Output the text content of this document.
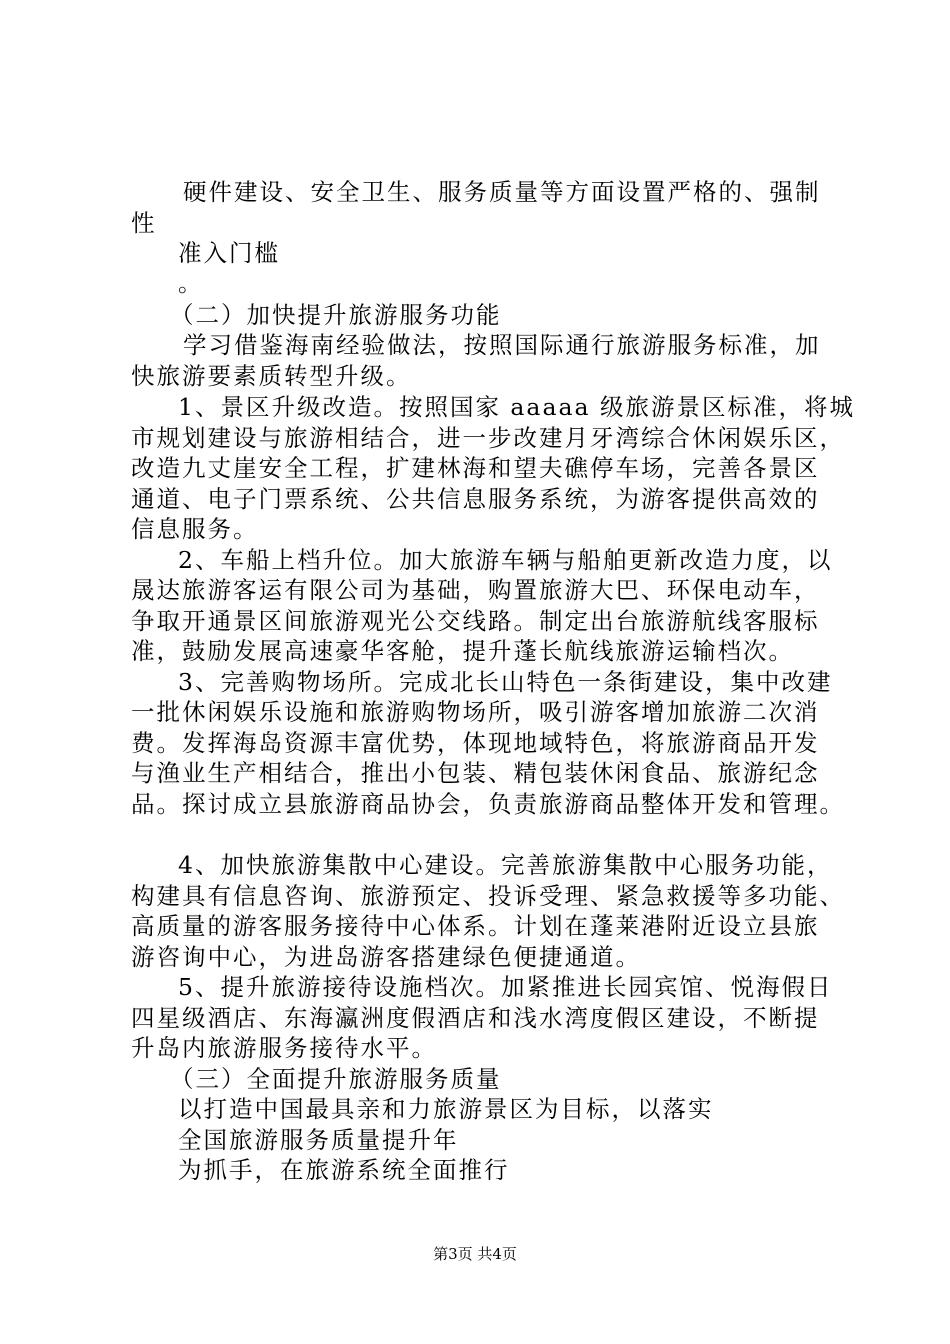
硬件建设、安全卫生、服务质量等方面设置严格的、强制
性
准入门槛
。
（二）加快提升旅游服务功能
学习借鉴海南经验做法，按照国际通行旅游服务标准，加
快旅游要素质转型升级。
1、景区升级改造。按照国家 aaaaa 级旅游景区标准，将城
市规划建设与旅游相结合，进一步改建月牙湾综合休闲娱乐区，
改造九丈崖安全工程，扩建林海和望夫礁停车场，完善各景区
通道、电子门票系统、公共信息服务系统，为游客提供高效的
信息服务。
2、车船上档升位。加大旅游车辆与船舶更新改造力度，以
晟达旅游客运有限公司为基础，购置旅游大巴、环保电动车，
争取开通景区间旅游观光公交线路。制定出台旅游航线客服标
准，鼓励发展高速豪华客舱，提升蓬长航线旅游运输档次。
3、完善购物场所。完成北长山特色一条街建设，集中改建
一批休闲娱乐设施和旅游购物场所，吸引游客增加旅游二次消
费。发挥海岛资源丰富优势，体现地域特色，将旅游商品开发
与渔业生产相结合，推出小包装、精包装休闲食品、旅游纪念
品。探讨成立县旅游商品协会，负责旅游商品整体开发和管理。
4、加快旅游集散中心建设。完善旅游集散中心服务功能，
构建具有信息咨询、旅游预定、投诉受理、紧急救援等多功能、
高质量的游客服务接待中心体系。计划在蓬莱港附近设立县旅
游咨询中心，为进岛游客搭建绿色便捷通道。
5、提升旅游接待设施档次。加紧推进长园宾馆、悦海假日
四星级酒店、东海瀛洲度假酒店和浅水湾度假区建设，不断提
升岛内旅游服务接待水平。
（三）全面提升旅游服务质量
以打造中国最具亲和力旅游景区为目标，以落实
全国旅游服务质量提升年
为抓手，在旅游系统全面推行
第3页 共4页
